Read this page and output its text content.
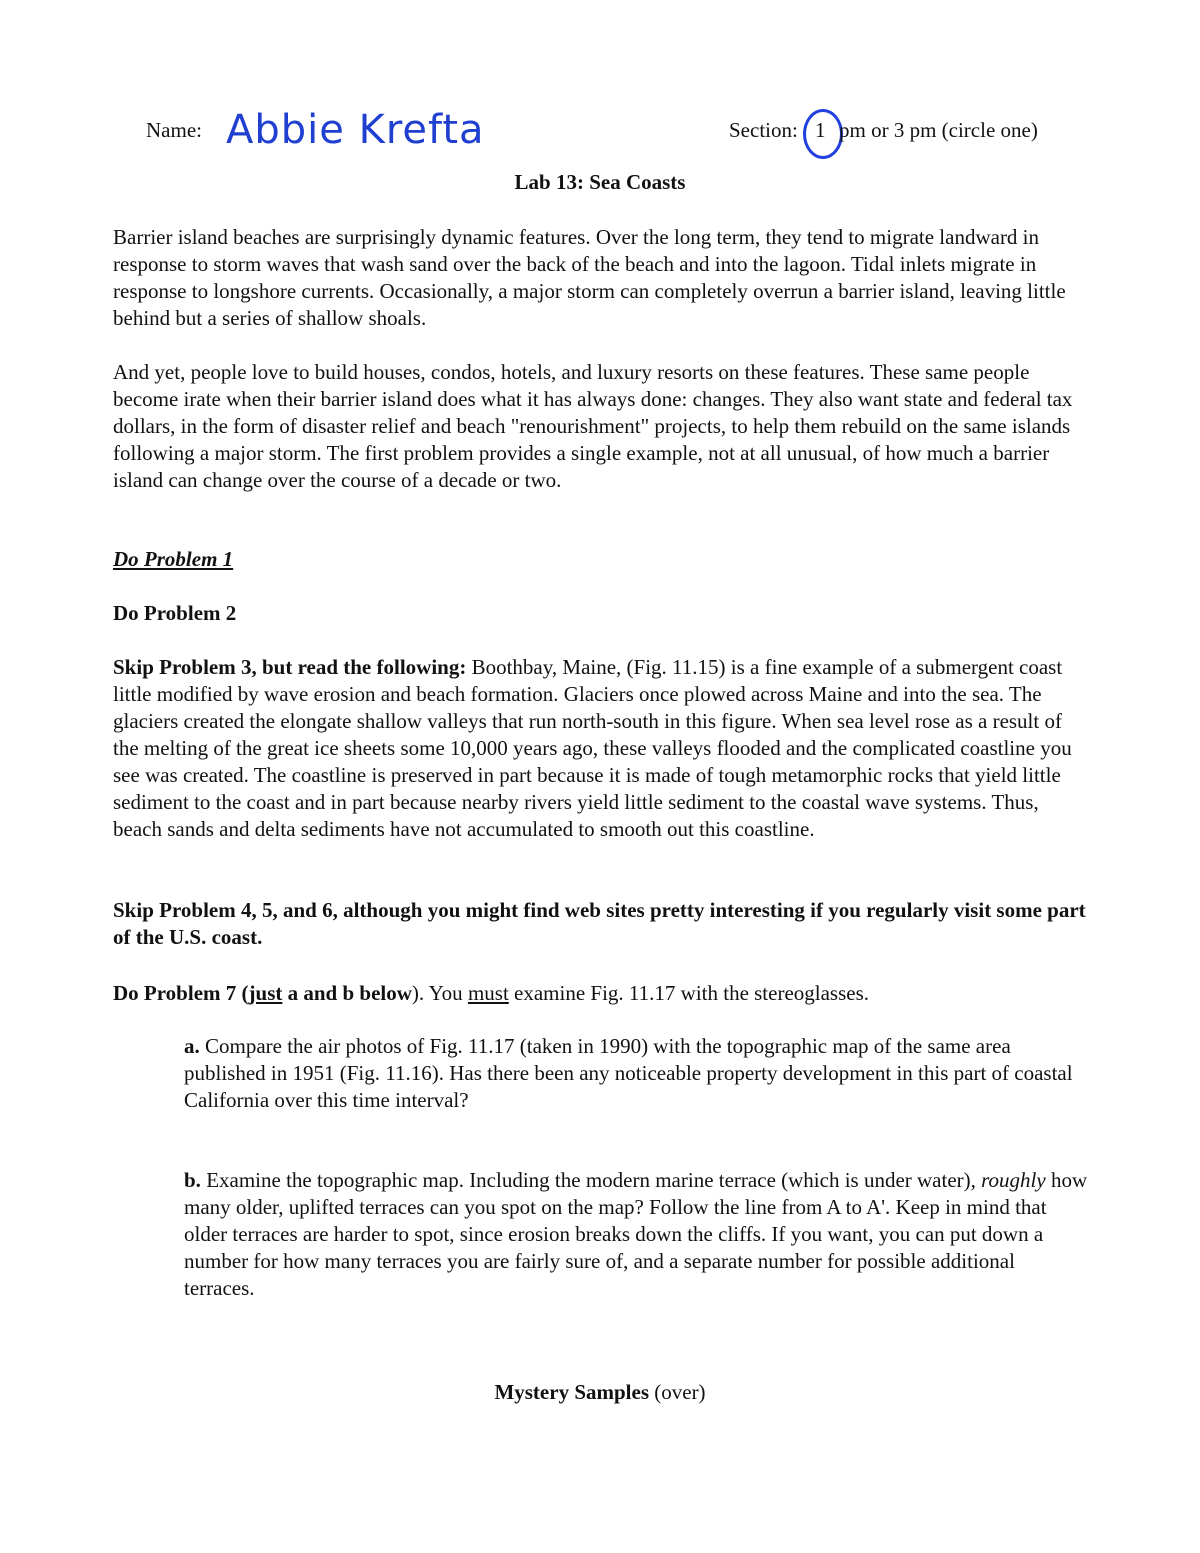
Name: Abbie Krefta	Section: 1 pm or 3 pm (circle one)
Lab 13: Sea Coasts

Barrier island beaches are surprisingly dynamic features. Over the long term, they tend to migrate landward in response to storm waves that wash sand over the back of the beach and into the lagoon. Tidal inlets migrate in response to longshore currents. Occasionally, a major storm can completely overrun a barrier island, leaving little behind but a series of shallow shoals.

And yet, people love to build houses, condos, hotels, and luxury resorts on these features. These same people become irate when their barrier island does what it has always done: changes. They also want state and federal tax dollars, in the form of disaster relief and beach "renourishment" projects, to help them rebuild on the same islands following a major storm. The first problem provides a single example, not at all unusual, of how much a barrier island can change over the course of a decade or two.

Do Problem 1

Do Problem 2

Skip Problem 3, but read the following: Boothbay, Maine, (Fig. 11.15) is a fine example of a submergent coast little modified by wave erosion and beach formation. Glaciers once plowed across Maine and into the sea. The glaciers created the elongate shallow valleys that run north-south in this figure. When sea level rose as a result of the melting of the great ice sheets some 10,000 years ago, these valleys flooded and the complicated coastline you see was created. The coastline is preserved in part because it is made of tough metamorphic rocks that yield little sediment to the coast and in part because nearby rivers yield little sediment to the coastal wave systems. Thus, beach sands and delta sediments have not accumulated to smooth out this coastline.

Skip Problem 4, 5, and 6, although you might find web sites pretty interesting if you regularly visit some part of the U.S. coast.

Do Problem 7 (just a and b below). You must examine Fig. 11.17 with the stereoglasses.

a. Compare the air photos of Fig. 11.17 (taken in 1990) with the topographic map of the same area published in 1951 (Fig. 11.16). Has there been any noticeable property development in this part of coastal California over this time interval?

b. Examine the topographic map. Including the modern marine terrace (which is under water), roughly how many older, uplifted terraces can you spot on the map? Follow the line from A to A'. Keep in mind that older terraces are harder to spot, since erosion breaks down the cliffs. If you want, you can put down a number for how many terraces you are fairly sure of, and a separate number for possible additional terraces.

Mystery Samples (over)
